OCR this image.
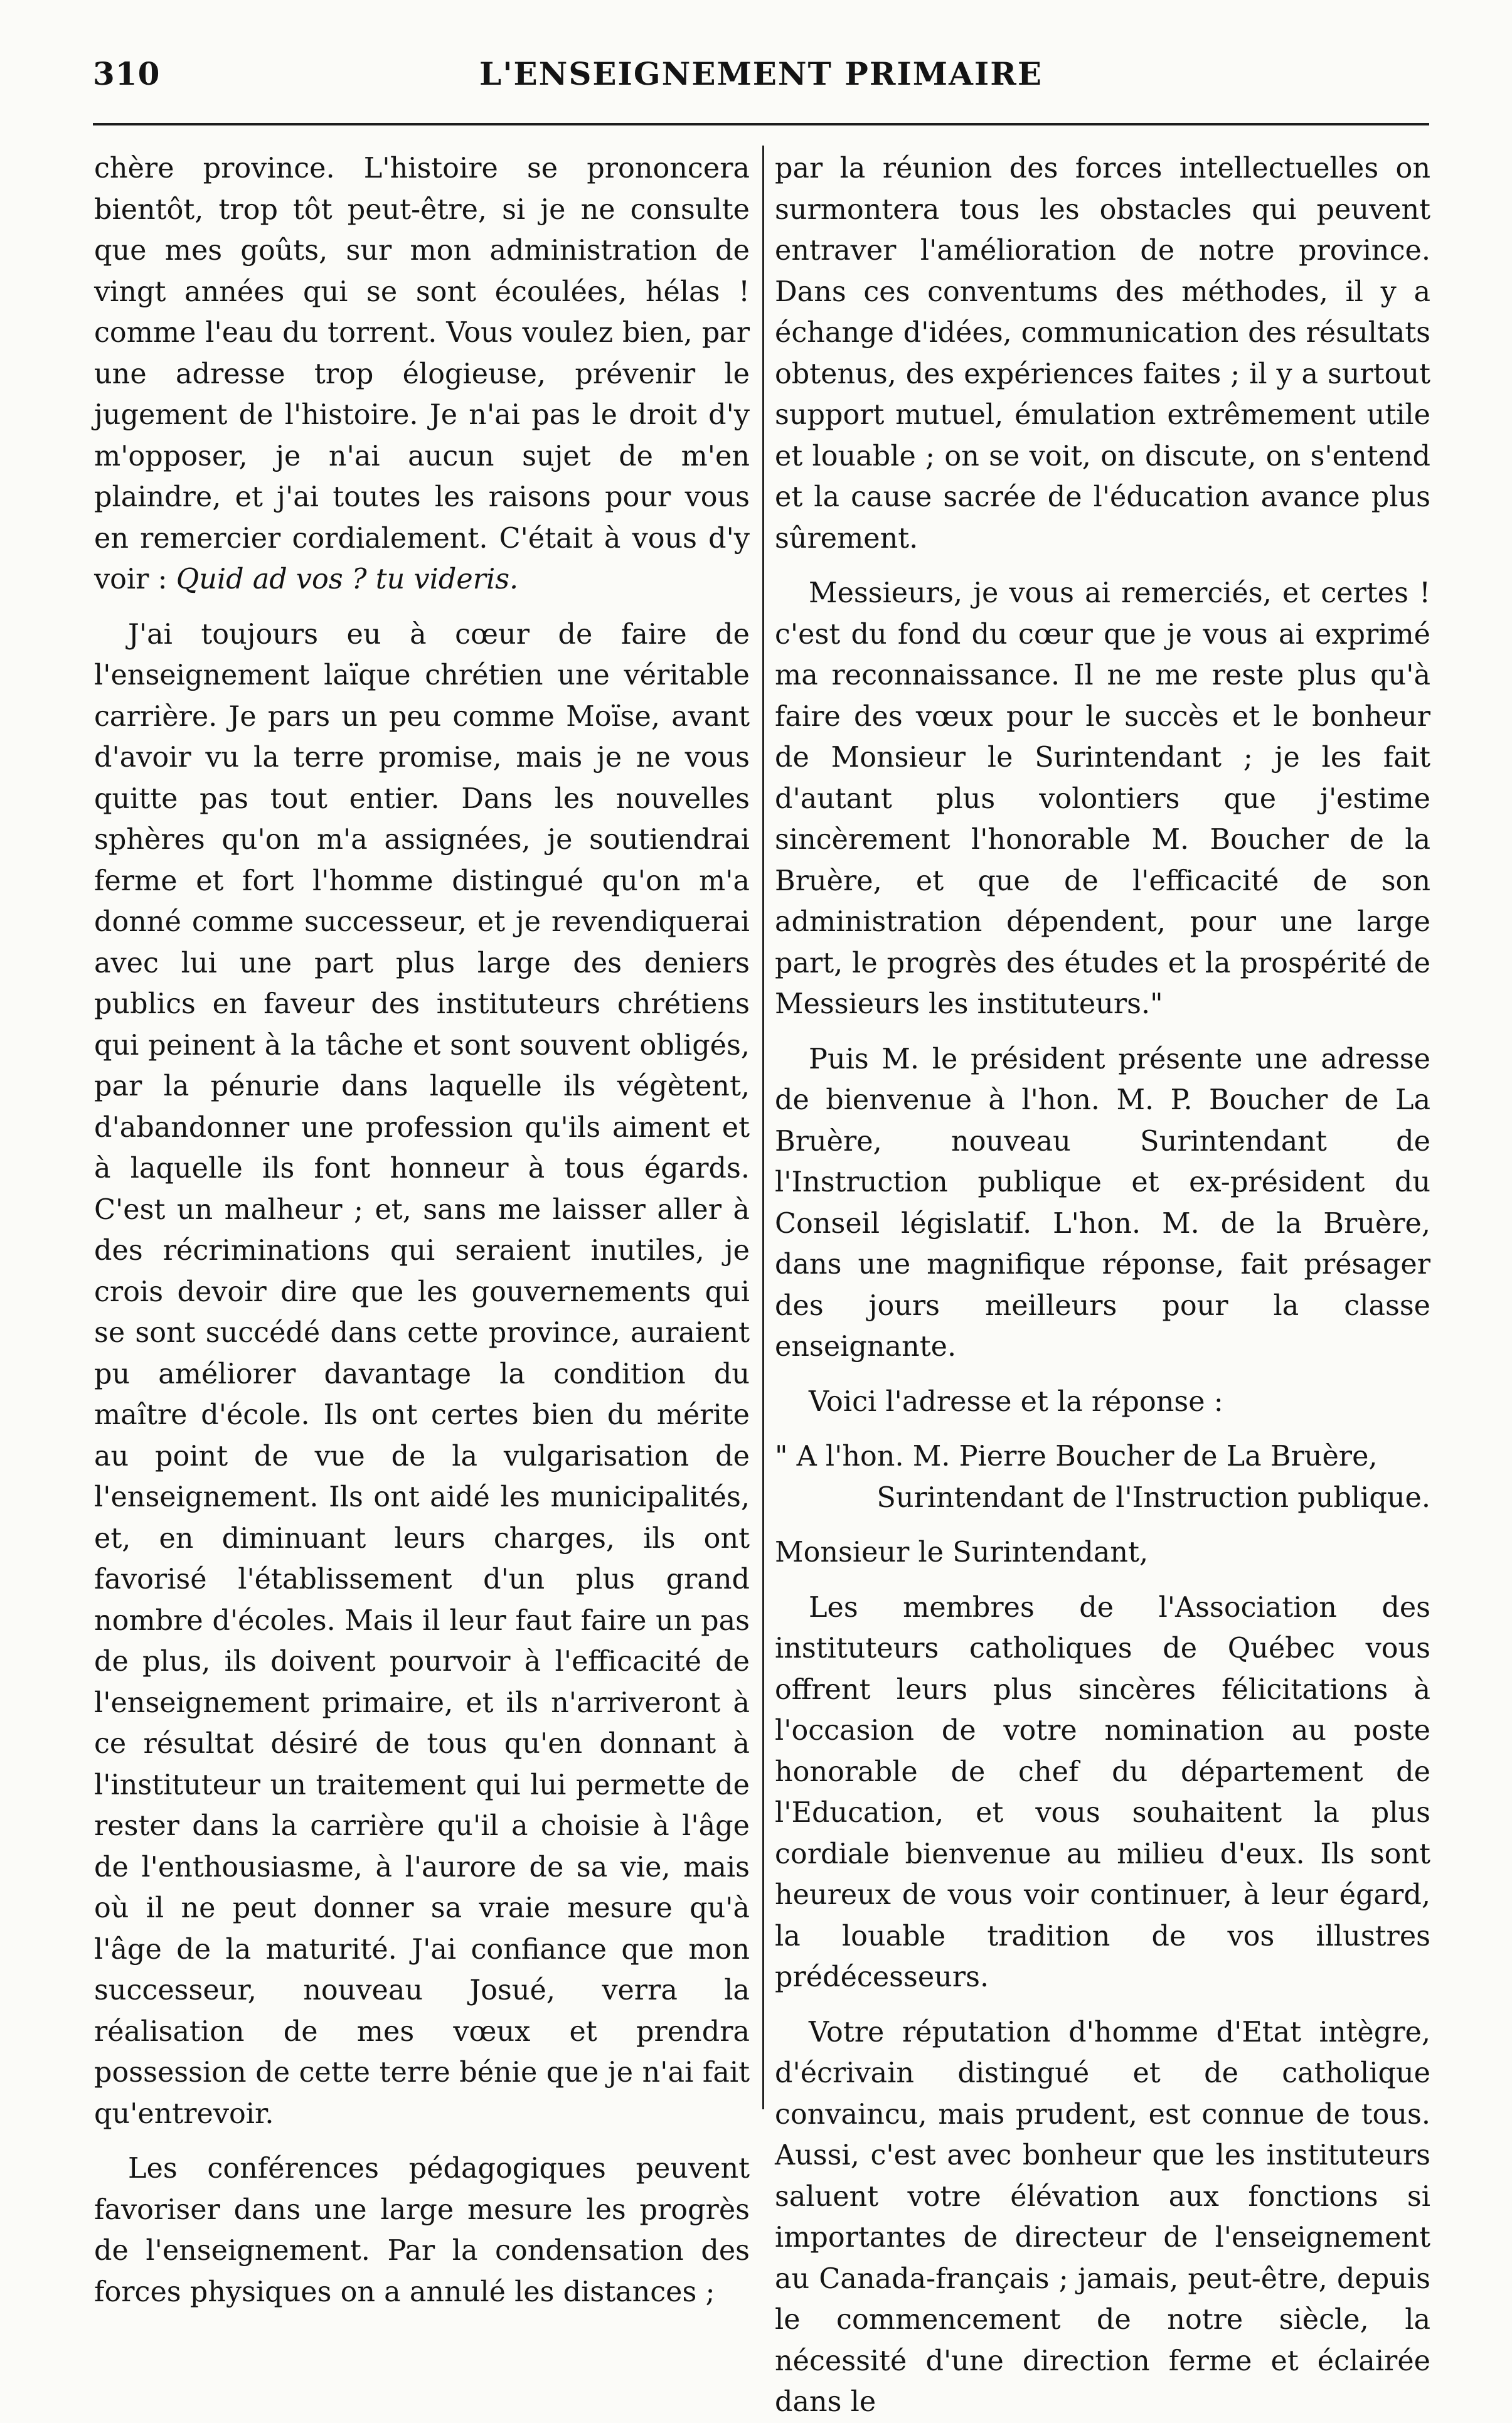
310	L'ENSEIGNEMENT PRIMAIRE

chère province. L'histoire se prononcera bientôt, trop tôt peut-être, si je ne consulte que mes goûts, sur mon administration de vingt années qui se sont écoulées, hélas ! comme l'eau du torrent. Vous voulez bien, par une adresse trop élogieuse, prévenir le jugement de l'histoire. Je n'ai pas le droit d'y m'opposer, je n'ai aucun sujet de m'en plaindre, et j'ai toutes les raisons pour vous en remercier cordialement. C'était à vous d'y voir : Quid ad vos ? tu videris.

J'ai toujours eu à cœur de faire de l'enseignement laïque chrétien une véritable carrière. Je pars un peu comme Moïse, avant d'avoir vu la terre promise, mais je ne vous quitte pas tout entier. Dans les nouvelles sphères qu'on m'a assignées, je soutiendrai ferme et fort l'homme distingué qu'on m'a donné comme successeur, et je revendiquerai avec lui une part plus large des deniers publics en faveur des instituteurs chrétiens qui peinent à la tâche et sont souvent obligés, par la pénurie dans laquelle ils végètent, d'abandonner une profession qu'ils aiment et à laquelle ils font honneur à tous égards. C'est un malheur ; et, sans me laisser aller à des récriminations qui seraient inutiles, je crois devoir dire que les gouvernements qui se sont succédé dans cette province, auraient pu améliorer davantage la condition du maître d'école. Ils ont certes bien du mérite au point de vue de la vulgarisation de l'enseignement. Ils ont aidé les municipalités, et, en diminuant leurs charges, ils ont favorisé l'établissement d'un plus grand nombre d'écoles. Mais il leur faut faire un pas de plus, ils doivent pourvoir à l'efficacité de l'enseignement primaire, et ils n'arriveront à ce résultat désiré de tous qu'en donnant à l'instituteur un traitement qui lui permette de rester dans la carrière qu'il a choisie à l'âge de l'enthousiasme, à l'aurore de sa vie, mais où il ne peut donner sa vraie mesure qu'à l'âge de la maturité. J'ai confiance que mon successeur, nouveau Josué, verra la réalisation de mes vœux et prendra possession de cette terre bénie que je n'ai fait qu'entrevoir.

Les conférences pédagogiques peuvent favoriser dans une large mesure les progrès de l'enseignement. Par la condensation des forces physiques on a annulé les distances ;

par la réunion des forces intellectuelles on surmontera tous les obstacles qui peuvent entraver l'amélioration de notre province. Dans ces conventums des méthodes, il y a échange d'idées, communication des résultats obtenus, des expériences faites ; il y a surtout support mutuel, émulation extrêmement utile et louable ; on se voit, on discute, on s'entend et la cause sacrée de l'éducation avance plus sûrement.

Messieurs, je vous ai remerciés, et certes ! c'est du fond du cœur que je vous ai exprimé ma reconnaissance. Il ne me reste plus qu'à faire des vœux pour le succès et le bonheur de Monsieur le Surintendant ; je les fait d'autant plus volontiers que j'estime sincèrement l'honorable M. Boucher de la Bruère, et que de l'efficacité de son administration dépendent, pour une large part, le progrès des études et la prospérité de Messieurs les instituteurs."

Puis M. le président présente une adresse de bienvenue à l'hon. M. P. Boucher de La Bruère, nouveau Surintendant de l'Instruction publique et ex-président du Conseil législatif. L'hon. M. de la Bruère, dans une magnifique réponse, fait présager des jours meilleurs pour la classe enseignante.

Voici l'adresse et la réponse :

" A l'hon. M. Pierre Boucher de La Bruère,

Surintendant de l'Instruction publique.

Monsieur le Surintendant,

Les membres de l'Association des instituteurs catholiques de Québec vous offrent leurs plus sincères félicitations à l'occasion de votre nomination au poste honorable de chef du département de l'Education, et vous souhaitent la plus cordiale bienvenue au milieu d'eux. Ils sont heureux de vous voir continuer, à leur égard, la louable tradition de vos illustres prédécesseurs.

Votre réputation d'homme d'Etat intègre, d'écrivain distingué et de catholique convaincu, mais prudent, est connue de tous. Aussi, c'est avec bonheur que les instituteurs saluent votre élévation aux fonctions si importantes de directeur de l'enseignement au Canada-français ; jamais, peut-être, depuis le commencement de notre siècle, la nécessité d'une direction ferme et éclairée dans le
